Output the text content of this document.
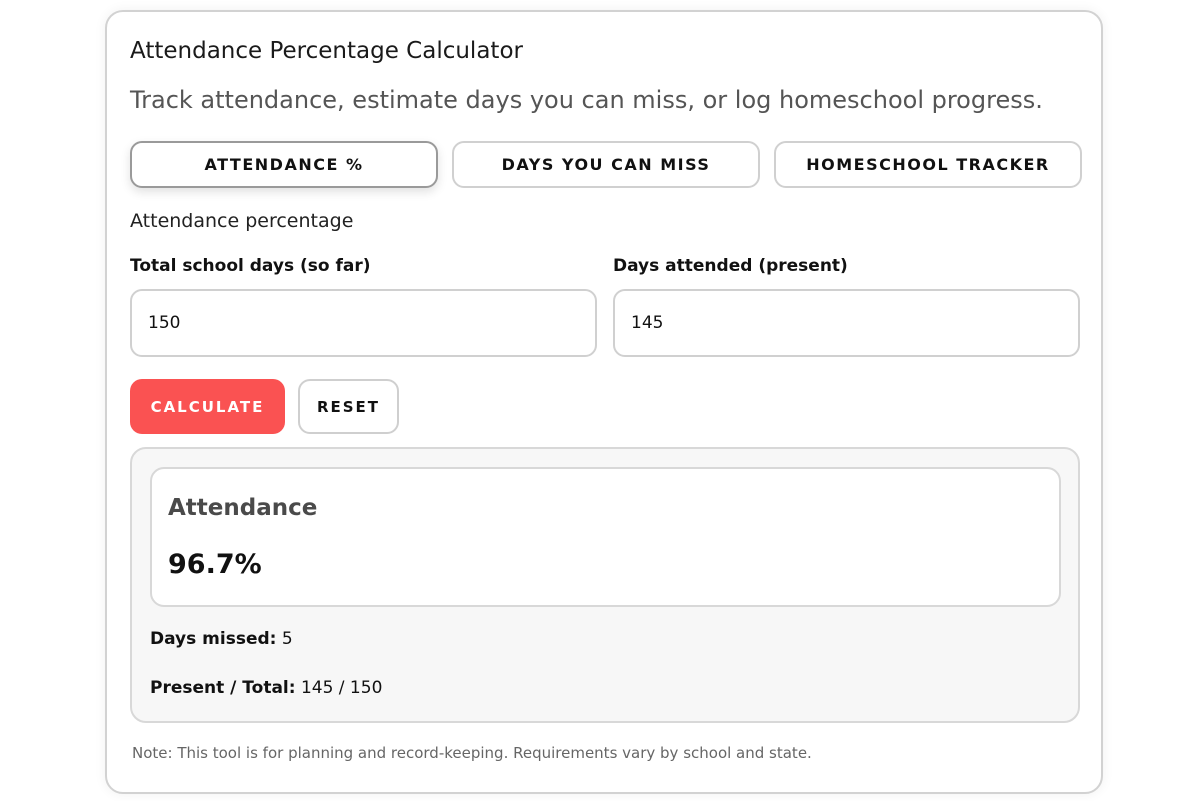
Attendance Percentage Calculator
Track attendance, estimate days you can miss, or log homeschool progress.
ATTENDANCE %	DAYS YOU CAN MISS	HOMESCHOOL TRACKER
Attendance percentage
Total school days (so far)
150
Days attended (present)
145
CALCULATE	RESET
Attendance
96.7%
Days missed: 5
Present / Total: 145 / 150
Note: This tool is for planning and record-keeping. Requirements vary by school and state.
